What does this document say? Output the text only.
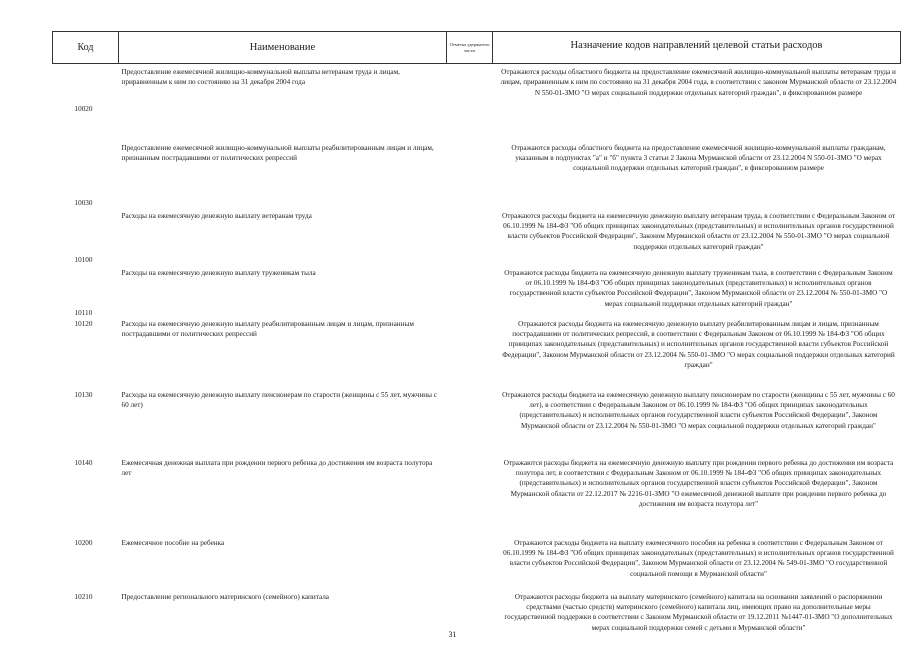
Код	Наименование	Отметка удержатель части	Назначение кодов направлений целевой статьи расходов
10020	Предоставление ежемесячной жилищно-коммунальной выплаты ветеранам труда и лицам, приравненным к ним по состоянию на 31 декабря 2004 года		Отражаются расходы областного бюджета на предоставление ежемесячной жилищно-коммунальной выплаты ветеранам труда и лицам, приравненным к ним по состоянию на 31 декабря 2004 года, в соответствии с законом Мурманской области от 23.12.2004 N 550-01-ЗМО "О мерах социальной поддержки отдельных категорий граждан", в фиксированном размере
10030	Предоставление ежемесячной жилищно-коммунальной выплаты реабилитированным лицам и лицам, признанным пострадавшими от политических репрессий		Отражаются расходы областного бюджета на предоставление ежемесячной жилищно-коммунальной выплаты гражданам, указанным в подпунктах "а" и "б" пункта 3 статьи 2 Закона Мурманской области от 23.12.2004 N 550-01-ЗМО "О мерах социальной поддержки отдельных категорий граждан", в фиксированном размере
10100	Расходы на ежемесячную денежную выплату ветеранам труда		Отражаются расходы бюджета на ежемесячную денежную выплату ветеранам труда, в соответствии с Федеральным Законом от 06.10.1999 № 184-ФЗ "Об общих принципах законодательных (представительных) и исполнительных органов государственной власти субъектов Российской Федерации", Законом Мурманской области от 23.12.2004 № 550-01-ЗМО "О мерах социальной поддержки отдельных категорий граждан"
10110	Расходы на ежемесячную денежную выплату труженикам тыла		Отражаются расходы бюджета на ежемесячную денежную выплату труженикам тыла, в соответствии с Федеральным Законом от 06.10.1999 № 184-ФЗ "Об общих принципах законодательных (представительных) и исполнительных органов государственной власти субъектов Российской Федерации", Законом Мурманской области от 23.12.2004 № 550-01-ЗМО "О мерах социальной поддержки отдельных категорий граждан"
10120	Расходы на ежемесячную денежную выплату реабилитированным лицам и лицам, признанным пострадавшими от политических репрессий		Отражаются расходы бюджета на ежемесячную денежную выплату реабилитированным лицам и лицам, признанным пострадавшими от политических репрессий, в соответствии с Федеральным Законом от 06.10.1999 № 184-ФЗ "Об общих принципах законодательных (представительных) и исполнительных органов государственной власти субъектов Российской Федерации", Законом Мурманской области от 23.12.2004 № 550-01-ЗМО "О мерах социальной поддержки отдельных категорий граждан"
10130	Расходы на ежемесячную денежную выплату пенсионерам по старости (женщины с 55 лет, мужчины с 60 лет)		Отражаются расходы бюджета на ежемесячную денежную выплату пенсионерам по старости (женщины с 55 лет, мужчины с 60 лет), в соответствии с Федеральным Законом от 06.10.1999 № 184-ФЗ "Об общих принципах законодательных (представительных) и исполнительных органов государственной власти субъектов Российской Федерации", Законом Мурманской области от 23.12.2004 № 550-01-ЗМО "О мерах социальной поддержки отдельных категорий граждан"
10140	Ежемесячная денежная выплата при рождении первого ребенка до достижения им возраста полутора лет		Отражаются расходы бюджета на ежемесячную денежную выплату при рождении первого ребенка до достижения им возраста полутора лет, в соответствии с Федеральным Законом от 06.10.1999 № 184-ФЗ "Об общих принципах законодательных (представительных) и исполнительных органов государственной власти субъектов Российской Федерации", Законом Мурманской области от 22.12.2017 № 2216-01-ЗМО "О ежемесячной денежной выплате при рождении первого ребенка до достижения им возраста полутора лет"
10200	Ежемесячное пособие на ребенка		Отражаются расходы бюджета на выплату ежемесячного пособия на ребенка в соответствии с Федеральным Законом от 06.10.1999 № 184-ФЗ "Об общих принципах законодательных (представительных) и исполнительных органов государственной власти субъектов Российской Федерации", Законом Мурманской области от 23.12.2004 № 549-01-ЗМО "О государственной социальной помощи в Мурманской области"
10210	Предоставление регионального материнского (семейного) капитала		Отражаются расходы бюджета на выплату материнского (семейного) капитала на основании заявлений о распоряжении средствами (частью средств) материнского (семейного) капитала лиц, имеющих право на дополнительные меры государственной поддержки в соответствии с Законом Мурманской области от 19.12.2011 №1447-01-ЗМО "О дополнительных мерах социальной поддержки семей с детьми в Мурманской области"
31
